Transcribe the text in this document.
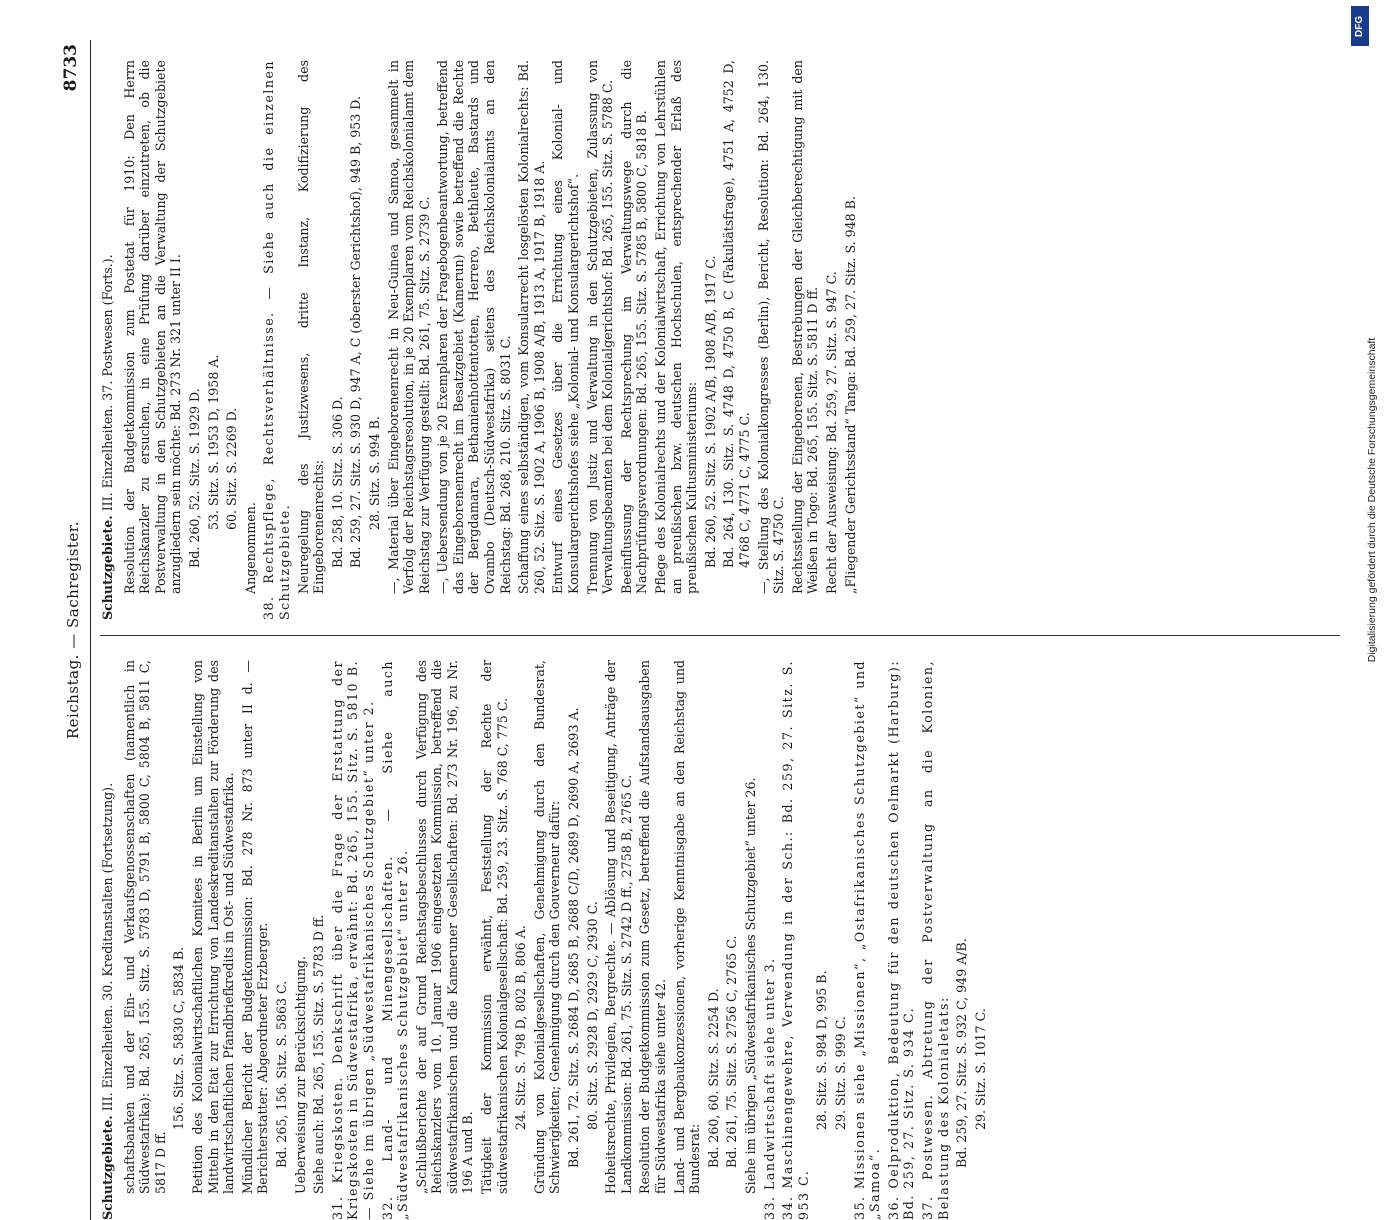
Reichstag. — Sachregister.
8733
Schutzgebiete. III. Einzelheiten. 30. Kreditanstalten (Fortsetzung). schaftsbanken und der Ein- und Verkaufsgenossenschaften (namentlich in Südwestafrika): Bd. 265, 155. Sitz. S. 5783 D, 5791 B, 5800 C, 5804 B, 5811 C, 5817 D ff.
156. Sitz. S. 5830 C, 5834 B. Petition des Kolonialwirtschaftlichen Komitees in Berlin um Einstellung von Mitteln in den Etat zur Errichtung von Landeskreditanstalten zur Förderung des landwirtschaftlichen Pfandbriefkredits in Ost- und Südwestafrika. Mündlicher Bericht der Budgetkommission: Bd. 278 Nr. 873 unter II d. — Berichterstatter: Abgeordneter Erzberger. Bd. 265, 156. Sitz. S. 5863 C. Ueberweisung zur Berücksichtigung. Siehe auch: Bd. 265, 155. Sitz. S. 5783 D ff. 31. Kriegskosten. Denkschrift über die Frage der Erstattung der Kriegskosten in Südwestafrika, erwähnt: Bd. 265, 155. Sitz. S. 5810 B. — Siehe im übrigen „Südwestafrikanisches Schutzgebiet“ unter 2. 32. Land- und Minengesellschaften. — Siehe auch „Südwestafrikanisches Schutzgebiet“ unter 26. „Schlußberichte der auf Grund Reichstagsbeschlusses durch Verfügung des Reichskanzlers vom 10. Januar 1906 eingesetzten Kommission, betreffend die südwestafrikanischen und die Kameruner Gesellschaften: Bd. 273 Nr. 196, zu Nr. 196 A und B. Tätigkeit der Kommission erwähnt, Feststellung der Rechte der südwestafrikanischen Kolonialgesellschaft: Bd. 259, 23. Sitz. S. 768 C, 775 C. 24. Sitz. S. 798 D, 802 B, 806 A. Gründung von Kolonialgesellschaften, Genehmigung durch den Bundesrat, Schwierigkeiten; Genehmigung durch den Gouverneur dafür: Bd. 261, 72. Sitz. S. 2684 D, 2685 B, 2688 C/D, 2689 D, 2690 A, 2693 A. 80. Sitz. S. 2928 D, 2929 C, 2930 C. Hoheitsrechte, Privilegien, Bergrechte. — Ablösung und Beseitigung, Anträge der Landkommission: Bd. 261, 75. Sitz. S. 2742 D ff., 2758 B, 2765 C. Resolution der Budgetkommission zum Gesetz, betreffend die Aufstandsausgaben für Südwestafrika siehe unter 42. Land- und Bergbaukonzessionen, vorherige Kenntnisgabe an den Reichstag und Bundesrat: Bd. 260, 60. Sitz. S. 2254 D. Bd. 261, 75. Sitz. S. 2756 C, 2765 C. Siehe im übrigen „Südwestafrikanisches Schutzgebiet“ unter 26. 33. Landwirtschaft siehe unter 3. 34. Maschinengewehre, Verwendung in der Sch.: Bd. 259, 27. Sitz. S. 953 C.
28. Sitz. S. 984 D, 995 B. 29. Sitz. S. 999 C. 35. Missionen siehe „Missionen“, „Ostafrikanisches Schutzgebiet“ und „Samoa“. 36. Oelproduktion, Bedeutung für den deutschen Oelmarkt (Harburg): Bd. 259, 27. Sitz. S. 934 C. 37. Postwesen. Abtretung der Postverwaltung an die Kolonien, Belastung des Kolonialetats: Bd. 259, 27. Sitz. S. 932 C, 949 A/B. 29. Sitz. S. 1017 C.
Schutzgebiete. III. Einzelheiten. 37. Postwesen (Forts.). Resolution der Budgetkommission zum Postetat für 1910: Den Herrn Reichskanzler zu ersuchen, in eine Prüfung darüber einzutreten, ob die Postverwaltung in den Schutzgebieten an die Verwaltung der Schutzgebiete anzugliedern sein möchte: Bd. 273 Nr. 321 unter II I. Bd. 260, 52. Sitz. S. 1929 D. 53. Sitz. S. 1953 D, 1958 A. 60. Sitz. S. 2269 D.
Angenommen. 38. Rechtspflege, Rechtsverhältnisse. — Siehe auch die einzelnen Schutzgebiete. Neuregelung des Justizwesens, dritte Instanz, Kodifizierung des Eingeborenenrechts: Bd. 258, 10. Sitz. S. 306 D. Bd. 259, 27. Sitz. S. 930 D, 947 A, C (oberster Gerichtshof), 949 B, 953 D. 28. Sitz. S. 994 B. —, Material über Eingeborenenrecht in Neu-Guinea und Samoa, gesammelt in Verfolg der Reichstagsresolution, in je 20 Exemplaren vom Reichskolonialamt dem Reichstag zur Verfügung gestellt: Bd. 261, 75. Sitz. S. 2739 C. —, Uebersendung von je 20 Exemplaren der Fragebogenbeantwortung, betreffend das Eingeborenenrecht im Besatzgebiet (Kamerun) sowie betreffend die Rechte der Bergdamara, Bethanienhottentotten, Herrero, Bethleute, Bastards und Ovambo (Deutsch-Südwestafrika) seitens des Reichskolonialamts an den Reichstag: Bd. 268, 210. Sitz. S. 8031 C. Schaffung eines selbständigen, vom Konsularrecht losgelösten Kolonialrechts: Bd. 260, 52. Sitz. S. 1902 A, 1906 B, 1908 A/B, 1913 A, 1917 B, 1918 A. Entwurf eines Gesetzes über die Errichtung eines Kolonial- und Konsulargerichtshofes siehe „Kolonial- und Konsulargerichtshof“. Trennung von Justiz und Verwaltung in den Schutzgebieten, Zulassung von Verwaltungsbeamten bei dem Kolonialgerichtshof: Bd. 265, 155. Sitz. S. 5788 C. Beeinflussung der Rechtsprechung im Verwaltungswege durch die Nachprüfungsverordnungen: Bd. 265, 155. Sitz. S. 5785 B, 5800 C, 5818 B. Pflege des Kolonialrechts und der Kolonialwirtschaft, Errichtung von Lehrstühlen an preußischen bzw. deutschen Hochschulen, entsprechender Erlaß des preußischen Kultusministeriums: Bd. 260, 52. Sitz. S. 1902 A/B, 1908 A/B, 1917 C. Bd. 264, 130. Sitz. S. 4748 D, 4750 B, C (Fakultätsfrage), 4751 A, 4752 D, 4768 C, 4771 C, 4775 C. —, Stellung des Kolonialkongresses (Berlin), Bericht, Resolution: Bd. 264, 130. Sitz. S. 4750 C. Rechtsstellung der Eingeborenen, Bestrebungen der Gleichberechtigung mit den Weißen in Togo: Bd. 265, 155. Sitz. S. 5811 D ff. Recht der Ausweisung: Bd. 259, 27. Sitz. S. 947 C. „Fliegender Gerichtsstand“ Tanga: Bd. 259, 27. Sitz. S. 948 B.
DFG
Digitalisierung gefördert durch die Deutsche Forschungsgemeinschaft
